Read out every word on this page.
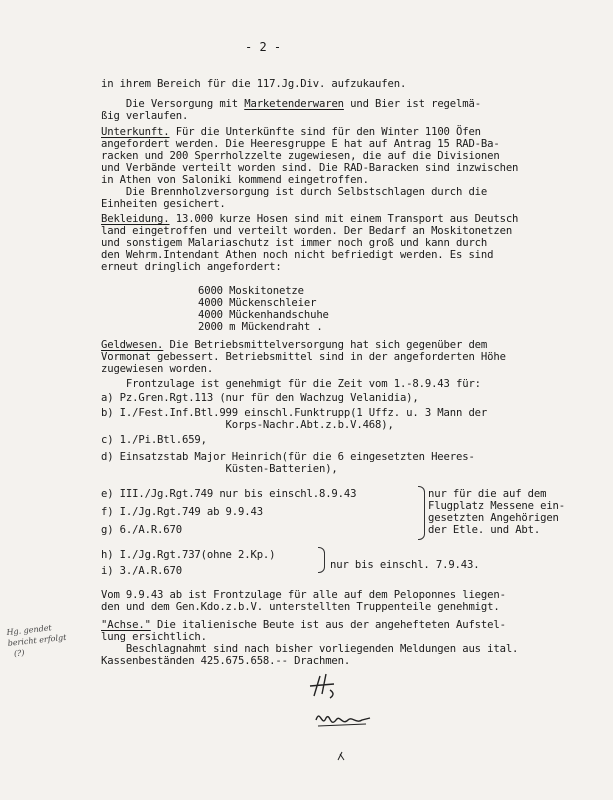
- 2 -
in ihrem Bereich für die 117.Jg.Div. aufzukaufen.
Die Versorgung mit Marketenderwaren und Bier ist regelmä-
ßig verlaufen.
Unterkunft. Für die Unterkünfte sind für den Winter 1100 Öfen
angefordert werden. Die Heeresgruppe E hat auf Antrag 15 RAD-Ba-
racken und 200 Sperrholzzelte zugewiesen, die auf die Divisionen
und Verbände verteilt worden sind. Die RAD-Baracken sind inzwischen
in Athen von Saloniki kommend eingetroffen.
Die Brennholzversorgung ist durch Selbstschlagen durch die
Einheiten gesichert.
Bekleidung. 13.000 kurze Hosen sind mit einem Transport aus Deutsch
land eingetroffen und verteilt worden. Der Bedarf an Moskitonetzen
und sonstigem Malariaschutz ist immer noch groß und kann durch
den Wehrm.Intendant Athen noch nicht befriedigt werden. Es sind
erneut dringlich angefordert:
6000 Moskitonetze
4000 Mückenschleier
4000 Mückenhandschuhe
2000 m Mückendraht .
Geldwesen. Die Betriebsmittelversorgung hat sich gegenüber dem
Vormonat gebessert. Betriebsmittel sind in der angeforderten Höhe
zugewiesen worden.
Frontzulage ist genehmigt für die Zeit vom 1.-8.9.43 für:
a) Pz.Gren.Rgt.113 (nur für den Wachzug Velanidia),
b) I./Fest.Inf.Btl.999 einschl.Funktrupp(1 Uffz. u. 3 Mann der
Korps-Nachr.Abt.z.b.V.468),
c) 1./Pi.Btl.659,
d) Einsatzstab Major Heinrich(für die 6 eingesetzten Heeres-
Küsten-Batterien),
e) III./Jg.Rgt.749 nur bis einschl.8.9.43
f) I./Jg.Rgt.749 ab 9.9.43
g) 6./A.R.670
nur für die auf dem
Flugplatz Messene ein-
gesetzten Angehörigen
der Etle. und Abt.
h) I./Jg.Rgt.737(ohne 2.Kp.)
i) 3./A.R.670	nur bis einschl. 7.9.43.
Vom 9.9.43 ab ist Frontzulage für alle auf dem Peloponnes liegen-
den und dem Gen.Kdo.z.b.V. unterstellten Truppenteile genehmigt.
"Achse." Die italienische Beute ist aus der angehefteten Aufstel-
lung ersichtlich.
Beschlagnahmt sind nach bisher vorliegenden Meldungen aus ital.
Kassenbeständen 425.675.658.-- Drachmen.
Hg. gendet
bericht erfolgt
(?)
